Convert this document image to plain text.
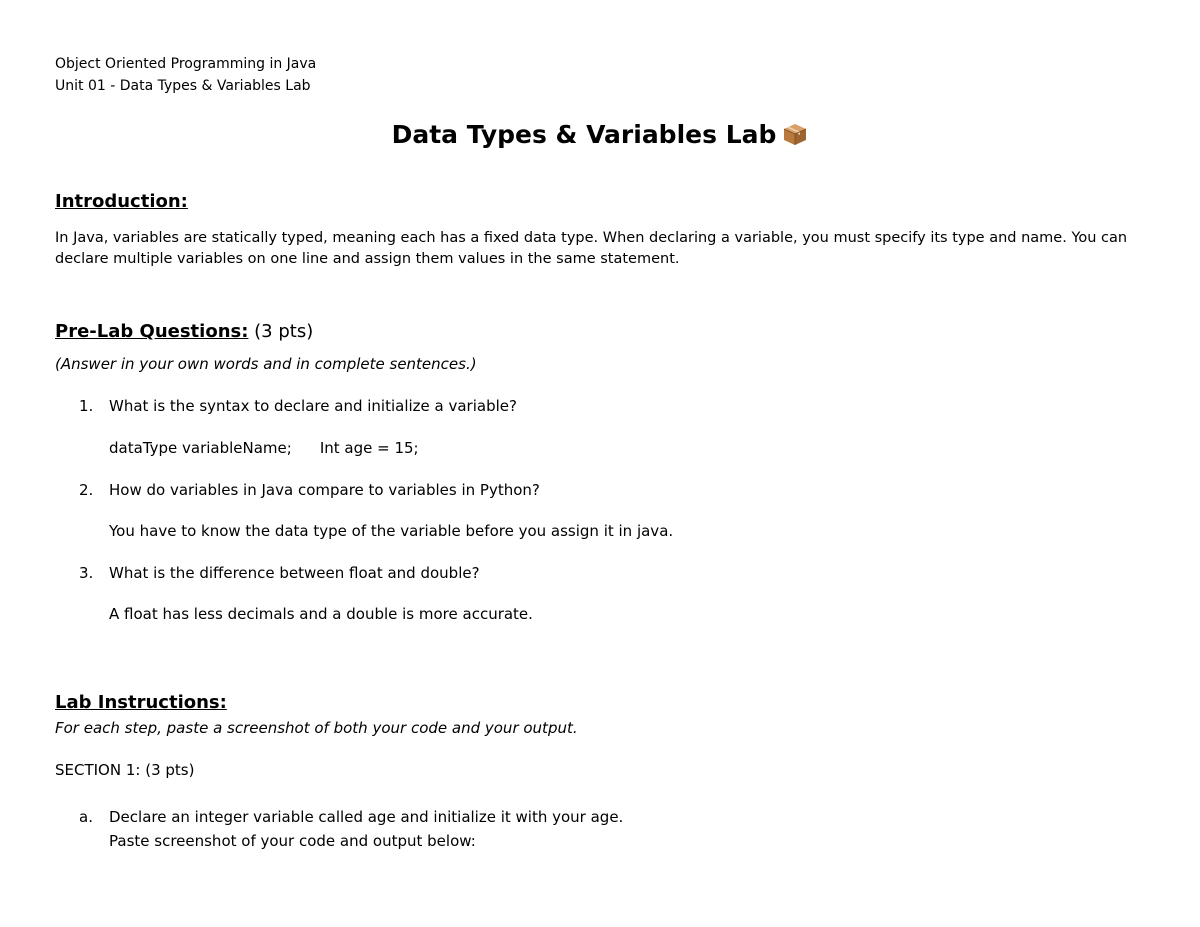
Object Oriented Programming in Java
Unit 01 - Data Types & Variables Lab
Data Types & Variables Lab
Introduction:
In Java, variables are statically typed, meaning each has a fixed data type. When declaring a variable, you must specify its type and name. You can declare multiple variables on one line and assign them values in the same statement.
Pre-Lab Questions: (3 pts)
(Answer in your own words and in complete sentences.)
1. What is the syntax to declare and initialize a variable?
dataType variableName; Int age = 15;
2. How do variables in Java compare to variables in Python?
You have to know the data type of the variable before you assign it in java.
3. What is the difference between float and double?
A float has less decimals and a double is more accurate.
Lab Instructions:
For each step, paste a screenshot of both your code and your output.
SECTION 1: (3 pts)
a. Declare an integer variable called age and initialize it with your age.
Paste screenshot of your code and output below:
